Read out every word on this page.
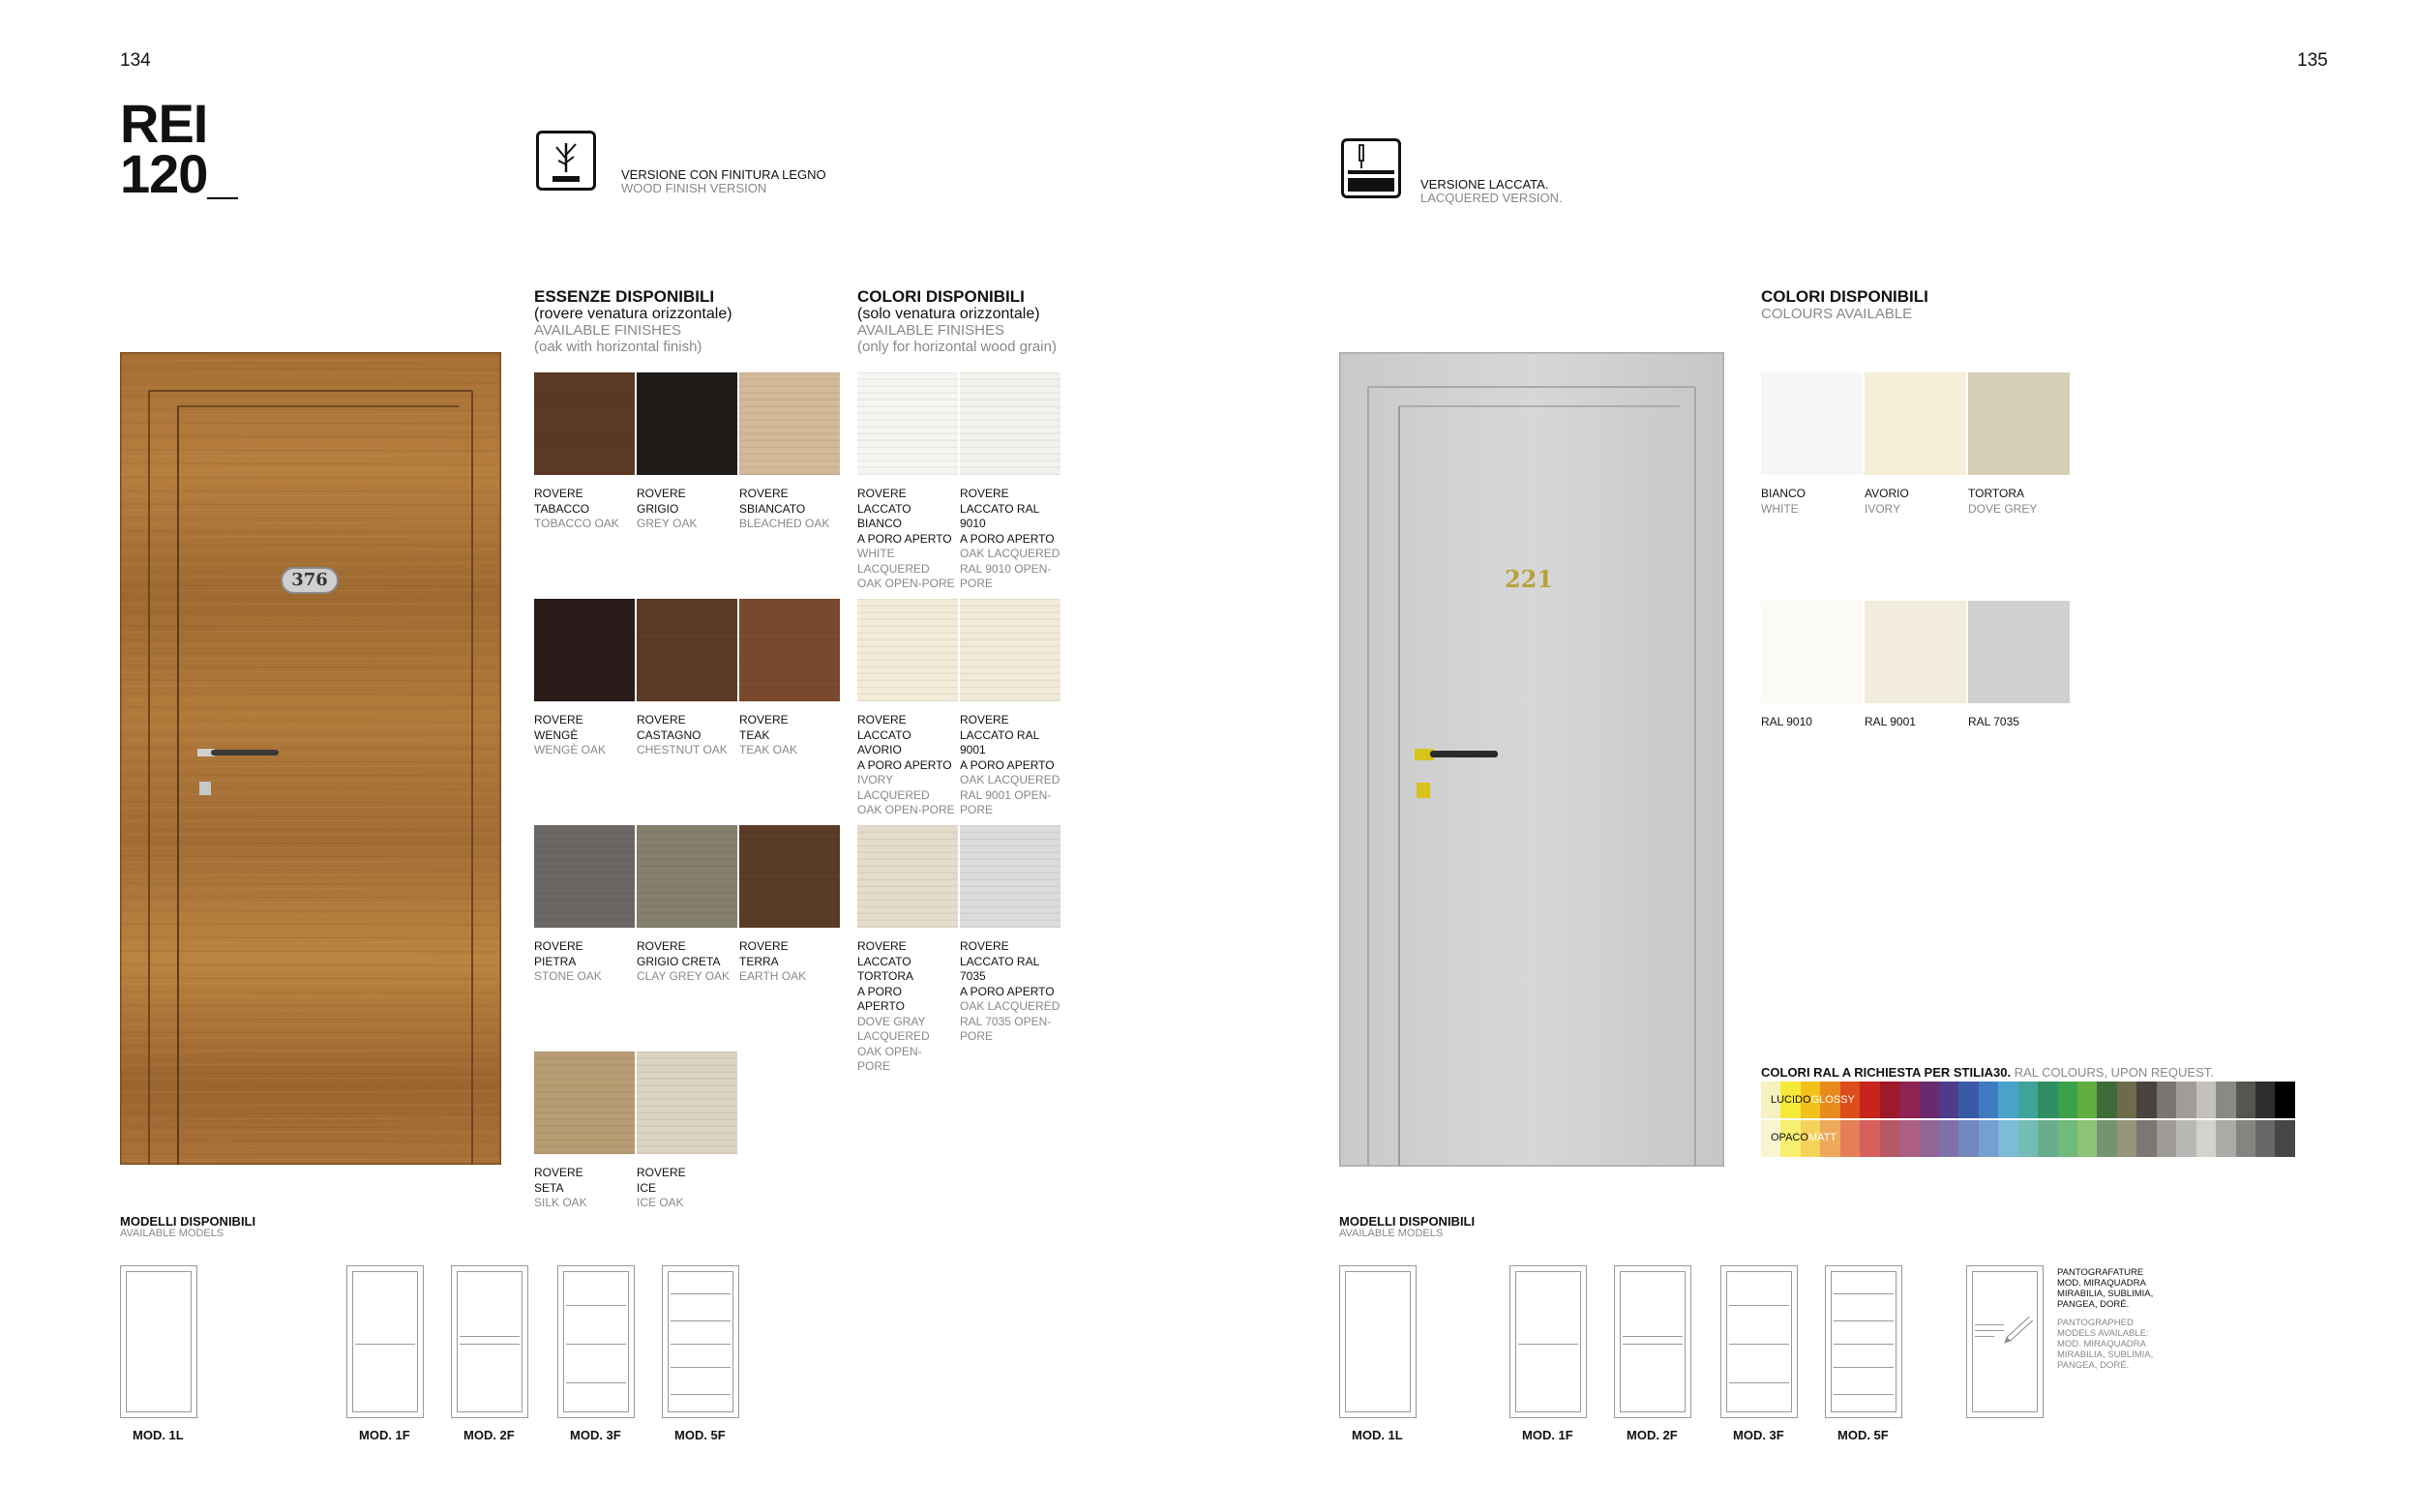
134
REI
120_	VERSIONE CON FINITURA LEGNO
WOOD FINISH VERSION
376
ESSENZE DISPONIBILI
(rovere venatura orizzontale)
AVAILABLE FINISHES
(oak with horizontal finish)
ROVERE
TABACCO
TOBACCO OAK
ROVERE
GRIGIO
GREY OAK
ROVERE
SBIANCATO
BLEACHED OAK
ROVERE
WENGÈ
WENGÈ OAK
ROVERE
CASTAGNO
CHESTNUT OAK
ROVERE
TEAK
TEAK OAK
ROVERE
PIETRA
STONE OAK
ROVERE
GRIGIO CRETA
CLAY GREY OAK
ROVERE
TERRA
EARTH OAK
ROVERE
SETA
SILK OAK
ROVERE
ICE
ICE OAK
COLORI DISPONIBILI
(solo venatura orizzontale)
AVAILABLE FINISHES
(only for horizontal wood grain)
ROVERE
LACCATO
BIANCO
A PORO APERTO
WHITE
LACQUERED
OAK OPEN-PORE
ROVERE
LACCATO RAL
9010
A PORO APERTO
OAK LACQUERED
RAL 9010 OPEN-
PORE
ROVERE
LACCATO
AVORIO
A PORO APERTO
IVORY
LACQUERED
OAK OPEN-PORE
ROVERE
LACCATO RAL
9001
A PORO APERTO
OAK LACQUERED
RAL 9001 OPEN-
PORE
ROVERE
LACCATO
TORTORA
A PORO
APERTO
DOVE GRAY
LACQUERED
OAK OPEN-
PORE
ROVERE
LACCATO RAL
7035
A PORO APERTO
OAK LACQUERED
RAL 7035 OPEN-
PORE
MODELLI DISPONIBILI
AVAILABLE MODELS
MOD. 1L	MOD. 1F	MOD. 2F	MOD. 3F	MOD. 5F
135
VERSIONE LACCATA.
LACQUERED VERSION.
221
COLORI DISPONIBILI
COLOURS AVAILABLE
BIANCO
WHITE
AVORIO
IVORY
TORTORA
DOVE GREY
RAL 9010	RAL 9001	RAL 7035
COLORI RAL A RICHIESTA PER STILIA30. RAL COLOURS, UPON REQUEST.
LUCIDOGLOSSY
OPACOMATT
MODELLI DISPONIBILI
AVAILABLE MODELS
MOD. 1L	MOD. 1F	MOD. 2F	MOD. 3F	MOD. 5F
PANTOGRAFATURE
MOD. MIRAQUADRA
MIRABILIA, SUBLIMIA,
PANGEA, DORÉ.
PANTOGRAPHED
MODELS AVAILABLE:
MOD. MIRAQUADRA
MIRABILIA, SUBLIMIA,
PANGEA, DORÉ.
